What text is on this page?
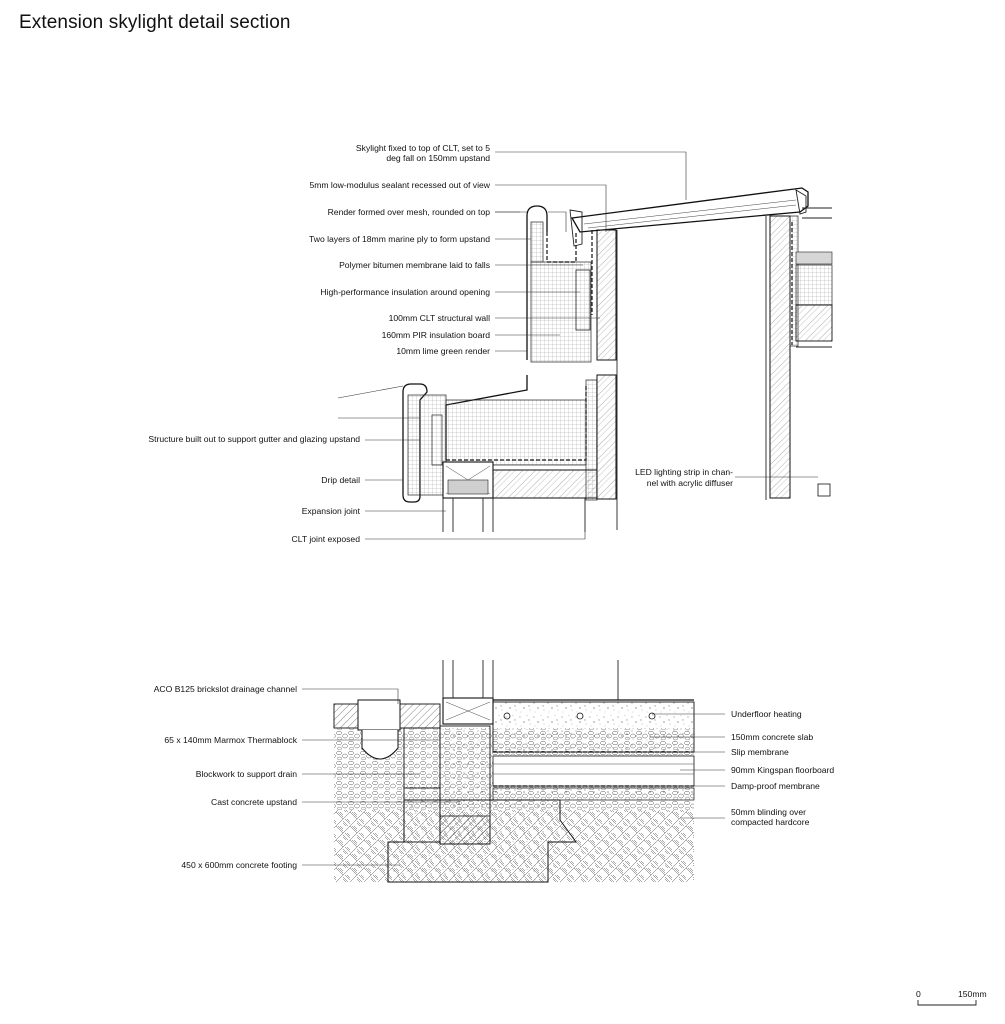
Extension skylight detail section
Skylight fixed to top of CLT, set to 5
deg fall on 150mm upstand
5mm low-modulus sealant recessed out of view
Render formed over mesh, rounded on top
Two layers of 18mm marine ply to form upstand
Polymer bitumen membrane laid to falls
High-performance insulation around opening
100mm CLT structural wall
160mm PIR insulation board
10mm lime green render
Structure built out to support gutter and glazing upstand
Drip detail
Expansion joint
CLT joint exposed
LED lighting strip in chan-
nel with acrylic diffuser
ACO B125 brickslot drainage channel
65 x 140mm Marmox Thermablock
Blockwork to support drain
Cast concrete upstand
450 x 600mm concrete footing
Underfloor heating
150mm concrete slab
Slip membrane
90mm Kingspan floorboard
Damp-proof membrane
50mm blinding over
compacted hardcore
0	150mm
